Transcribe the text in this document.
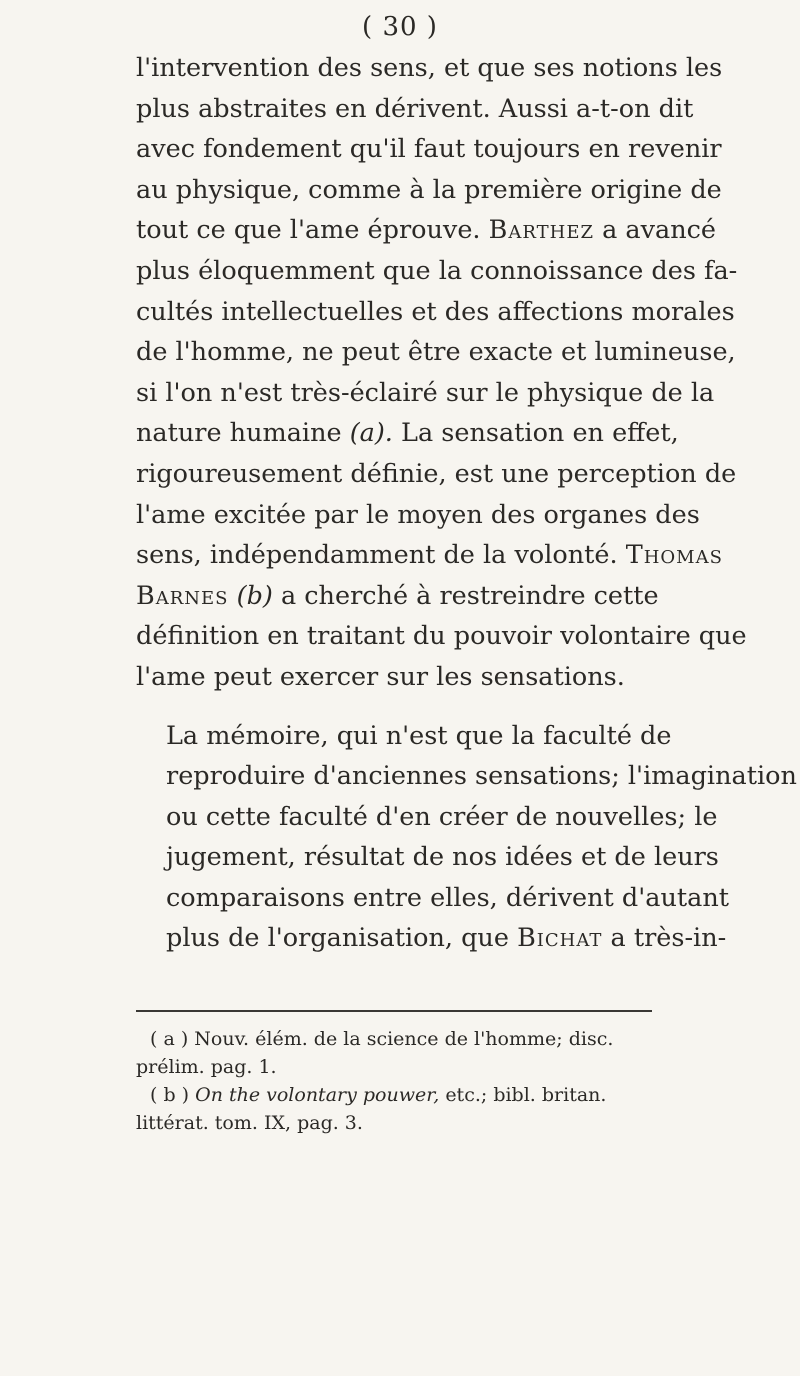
( 30 )

l'intervention des sens, et que ses notions les
plus abstraites en dérivent. Aussi a-t-on dit
avec fondement qu'il faut toujours en revenir
au physique, comme à la première origine de
tout ce que l'ame éprouve. Barthez a avancé
plus éloquemment que la connoissance des fa-
cultés intellectuelles et des affections morales
de l'homme, ne peut être exacte et lumineuse,
si l'on n'est très-éclairé sur le physique de la
nature humaine (a). La sensation en effet,
rigoureusement définie, est une perception de
l'ame excitée par le moyen des organes des
sens, indépendamment de la volonté. Thomas
Barnes (b) a cherché à restreindre cette
définition en traitant du pouvoir volontaire que
l'ame peut exercer sur les sensations.

La mémoire, qui n'est que la faculté de
reproduire d'anciennes sensations; l'imagination
ou cette faculté d'en créer de nouvelles; le
jugement, résultat de nos idées et de leurs
comparaisons entre elles, dérivent d'autant
plus de l'organisation, que Bichat a très-in-

( a ) Nouv. élém. de la science de l'homme; disc.
prélim. pag. 1.
( b ) On the volontary pouwer, etc.; bibl. britan.
littérat. tom. IX, pag. 3.
